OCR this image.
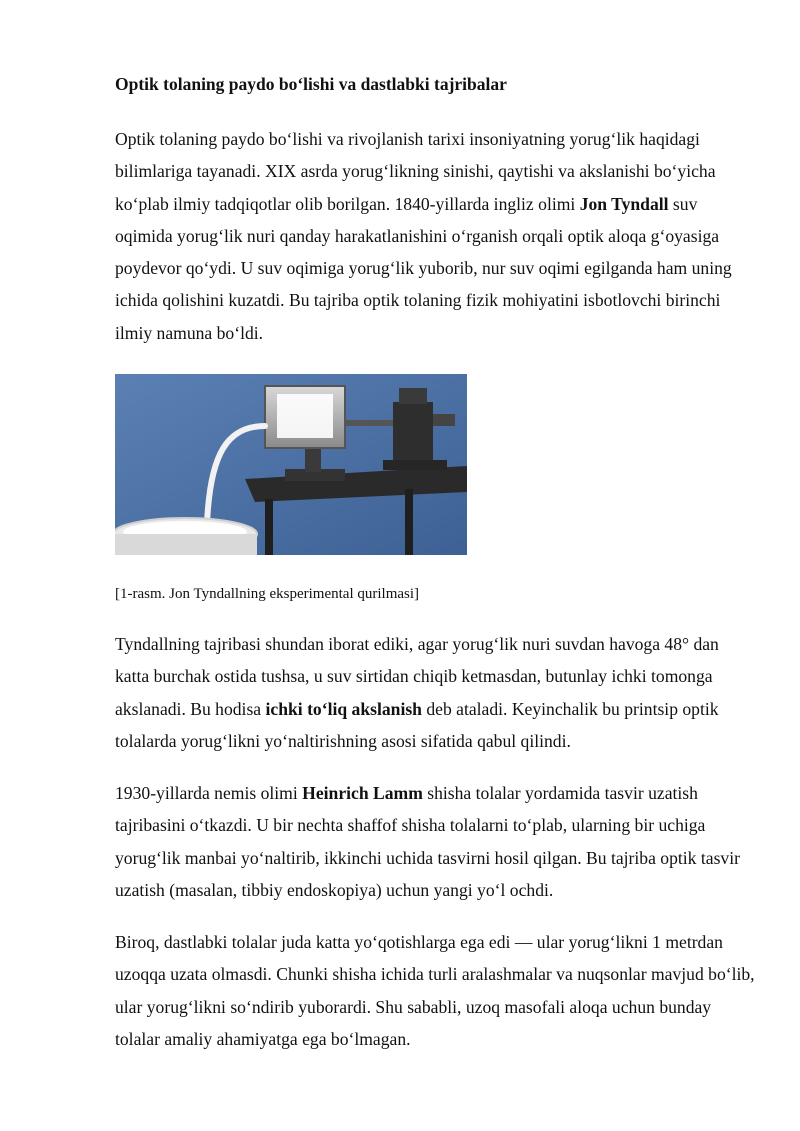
Optik tolaning paydo bo‘lishi va dastlabki tajribalar

Optik tolaning paydo bo‘lishi va rivojlanish tarixi insoniyatning yorug‘lik haqidagi bilimlariga tayanadi. XIX asrda yorug‘likning sinishi, qaytishi va akslanishi bo‘yicha ko‘plab ilmiy tadqiqotlar olib borilgan. 1840-yillarda ingliz olimi Jon Tyndall suv oqimida yorug‘lik nuri qanday harakatlanishini o‘rganish orqali optik aloqa g‘oyasiga poydevor qo‘ydi. U suv oqimiga yorug‘lik yuborib, nur suv oqimi egilganda ham uning ichida qolishini kuzatdi. Bu tajriba optik tolaning fizik mohiyatini isbotlovchi birinchi ilmiy namuna bo‘ldi.

[1-rasm. Jon Tyndallning eksperimental qurilmasi]

Tyndallning tajribasi shundan iborat ediki, agar yorug‘lik nuri suvdan havoga 48° dan katta burchak ostida tushsa, u suv sirtidan chiqib ketmasdan, butunlay ichki tomonga akslanadi. Bu hodisa ichki to‘liq akslanish deb ataladi. Keyinchalik bu printsip optik tolalarda yorug‘likni yo‘naltirishning asosi sifatida qabul qilindi.

1930-yillarda nemis olimi Heinrich Lamm shisha tolalar yordamida tasvir uzatish tajribasini o‘tkazdi. U bir nechta shaffof shisha tolalarni to‘plab, ularning bir uchiga yorug‘lik manbai yo‘naltirib, ikkinchi uchida tasvirni hosil qilgan. Bu tajriba optik tasvir uzatish (masalan, tibbiy endoskopiya) uchun yangi yo‘l ochdi.

Biroq, dastlabki tolalar juda katta yo‘qotishlarga ega edi — ular yorug‘likni 1 metrdan uzoqqa uzata olmasdi. Chunki shisha ichida turli aralashmalar va nuqsonlar mavjud bo‘lib, ular yorug‘likni so‘ndirib yuborardi. Shu sababli, uzoq masofali aloqa uchun bunday tolalar amaliy ahamiyatga ega bo‘lmagan.
